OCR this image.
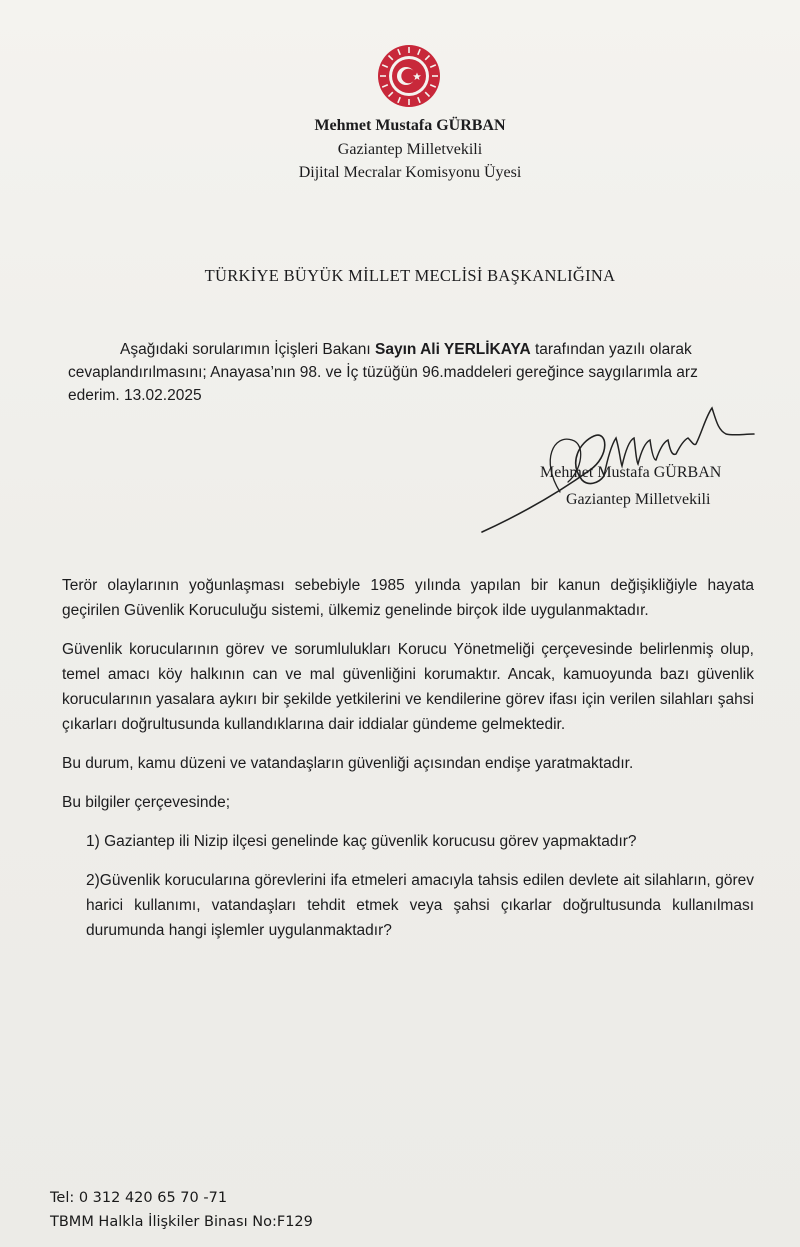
Mehmet Mustafa GÜRBAN
Gaziantep Milletvekili
Dijital Mecralar Komisyonu Üyesi
TÜRKİYE BÜYÜK MİLLET MECLİSİ BAŞKANLIĞINA
Aşağıdaki sorularımın İçişleri Bakanı Sayın Ali YERLİKAYA tarafından yazılı olarak
cevaplandırılmasını; Anayasa’nın 98. ve İç tüzüğün 96.maddeleri gereğince saygılarımla arz
ederim. 13.02.2025
Mehmet Mustafa GÜRBAN
Gaziantep Milletvekili

Terör olaylarının yoğunlaşması sebebiyle 1985 yılında yapılan bir kanun değişikliğiyle hayata geçirilen Güvenlik Koruculuğu sistemi, ülkemiz genelinde birçok ilde uygulanmaktadır.

Güvenlik korucularının görev ve sorumlulukları Korucu Yönetmeliği çerçevesinde belirlenmiş olup, temel amacı köy halkının can ve mal güvenliğini korumaktır. Ancak, kamuoyunda bazı güvenlik korucularının yasalara aykırı bir şekilde yetkilerini ve kendilerine görev ifası için verilen silahları şahsi çıkarları doğrultusunda kullandıklarına dair iddialar gündeme gelmektedir.

Bu durum, kamu düzeni ve vatandaşların güvenliği açısından endişe yaratmaktadır.

Bu bilgiler çerçevesinde;

1) Gaziantep ili Nizip ilçesi genelinde kaç güvenlik korucusu görev yapmaktadır?

2)Güvenlik korucularına görevlerini ifa etmeleri amacıyla tahsis edilen devlete ait silahların, görev harici kullanımı, vatandaşları tehdit etmek veya şahsi çıkarlar doğrultusunda kullanılması durumunda hangi işlemler uygulanmaktadır?

Tel: 0 312 420 65 70 -71
TBMM Halkla İlişkiler Binası No:F129
